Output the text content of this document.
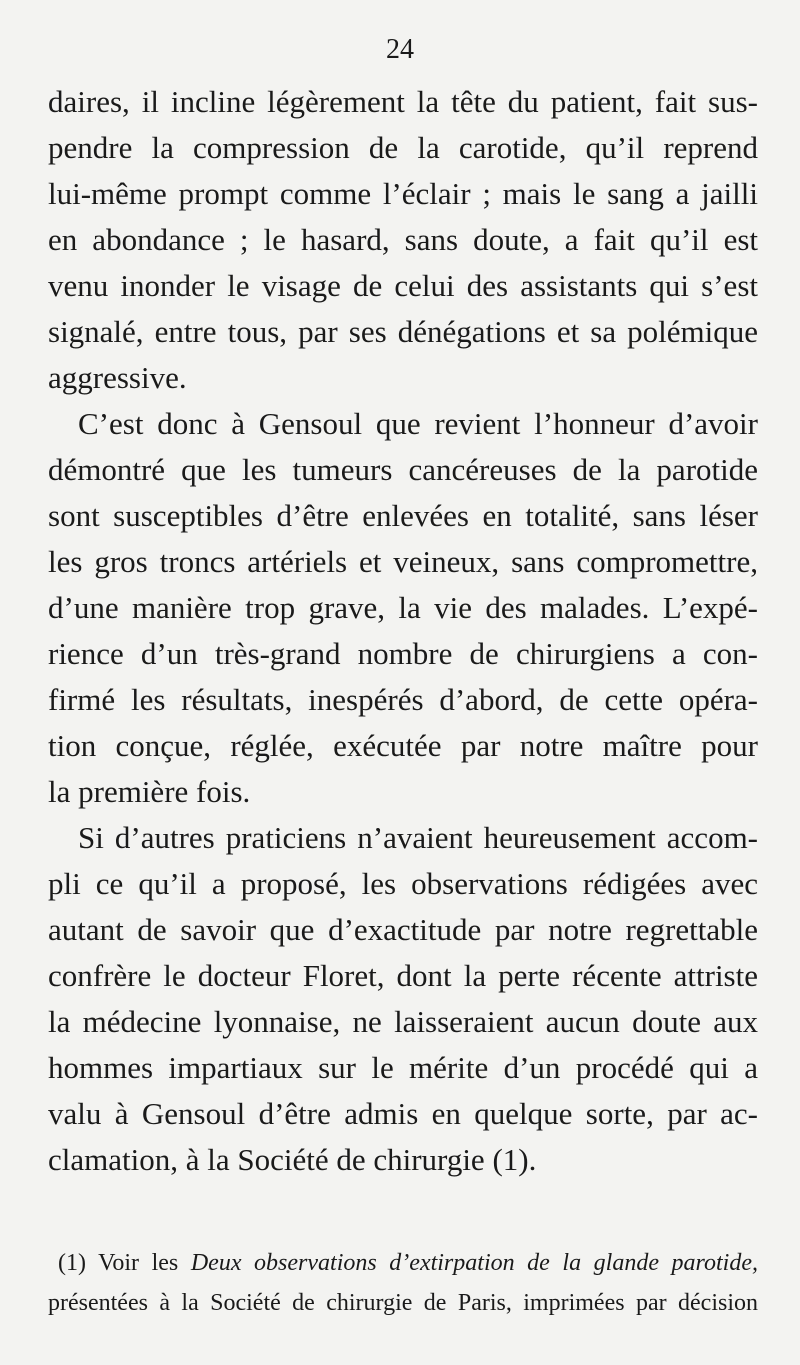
24
daires, il incline légèrement la tête du patient, fait sus-
pendre la compression de la carotide, qu’il reprend
lui-même prompt comme l’éclair ; mais le sang a jailli
en abondance ; le hasard, sans doute, a fait qu’il est
venu inonder le visage de celui des assistants qui s’est
signalé, entre tous, par ses dénégations et sa polémique
aggressive.
C’est donc à Gensoul que revient l’honneur d’avoir
démontré que les tumeurs cancéreuses de la parotide
sont susceptibles d’être enlevées en totalité, sans léser
les gros troncs artériels et veineux, sans compromettre,
d’une manière trop grave, la vie des malades. L’expé-
rience d’un très-grand nombre de chirurgiens a con-
firmé les résultats, inespérés d’abord, de cette opéra-
tion conçue, réglée, exécutée par notre maître pour
la première fois.
Si d’autres praticiens n’avaient heureusement accom-
pli ce qu’il a proposé, les observations rédigées avec
autant de savoir que d’exactitude par notre regrettable
confrère le docteur Floret, dont la perte récente attriste
la médecine lyonnaise, ne laisseraient aucun doute aux
hommes impartiaux sur le mérite d’un procédé qui a
valu à Gensoul d’être admis en quelque sorte, par ac-
clamation, à la Société de chirurgie (1).
(1) Voir les Deux observations d’extirpation de la glande parotide,
présentées à la Société de chirurgie de Paris, imprimées par décision
